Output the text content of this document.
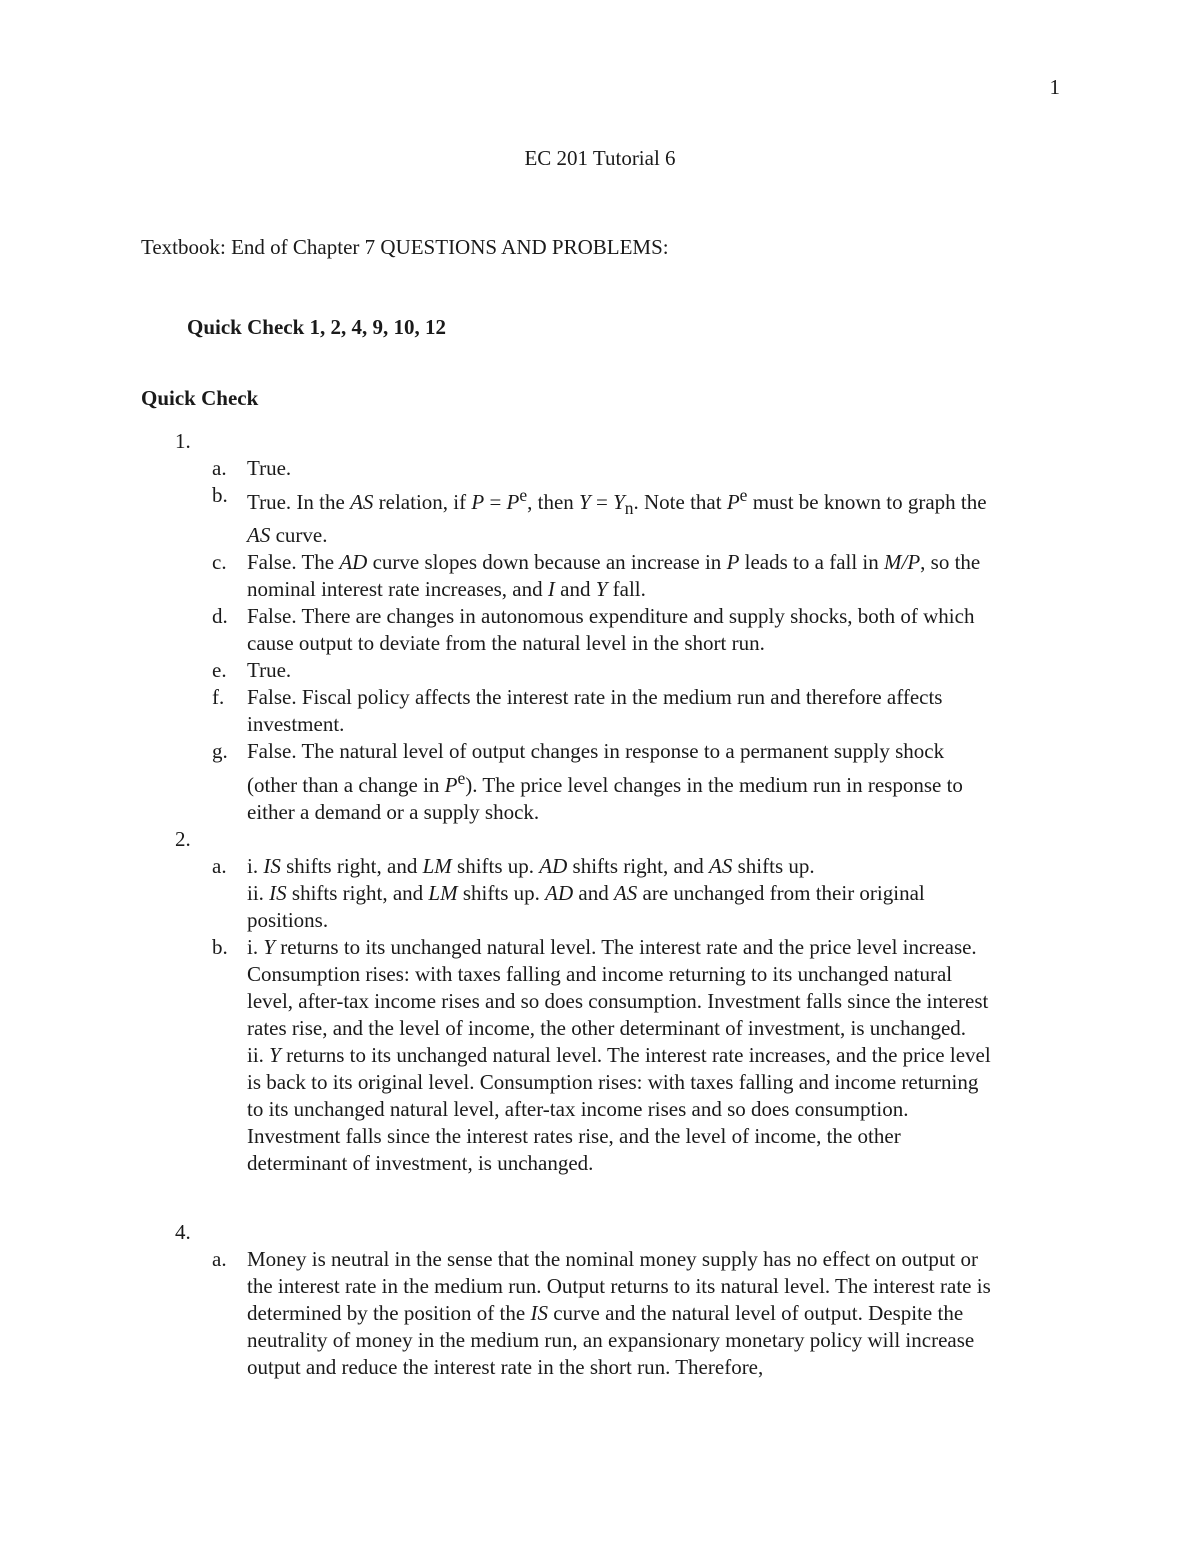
1
EC 201 Tutorial 6
Textbook: End of Chapter 7 QUESTIONS AND PROBLEMS:
Quick Check 1, 2, 4, 9, 10, 12
Quick Check
1.
a. True.
b. True. In the AS relation, if $P = P^e$, then $Y = Y_n$. Note that $P^e$ must be known to graph the AS curve.
c. False. The AD curve slopes down because an increase in P leads to a fall in M/P, so the nominal interest rate increases, and I and Y fall.
d. False. There are changes in autonomous expenditure and supply shocks, both of which cause output to deviate from the natural level in the short run.
e. True.
f. False. Fiscal policy affects the interest rate in the medium run and therefore affects investment.
g. False. The natural level of output changes in response to a permanent supply shock (other than a change in $P^e$). The price level changes in the medium run in response to either a demand or a supply shock.
2.
a. i. IS shifts right, and LM shifts up. AD shifts right, and AS shifts up.
ii. IS shifts right, and LM shifts up. AD and AS are unchanged from their original positions.
b. i. Y returns to its unchanged natural level. The interest rate and the price level increase. Consumption rises: with taxes falling and income returning to its unchanged natural level, after-tax income rises and so does consumption. Investment falls since the interest rates rise, and the level of income, the other determinant of investment, is unchanged.
ii. Y returns to its unchanged natural level. The interest rate increases, and the price level is back to its original level. Consumption rises: with taxes falling and income returning to its unchanged natural level, after-tax income rises and so does consumption. Investment falls since the interest rates rise, and the level of income, the other determinant of investment, is unchanged.
4.
a. Money is neutral in the sense that the nominal money supply has no effect on output or the interest rate in the medium run. Output returns to its natural level. The interest rate is determined by the position of the IS curve and the natural level of output. Despite the neutrality of money in the medium run, an expansionary monetary policy will increase output and reduce the interest rate in the short run. Therefore,
